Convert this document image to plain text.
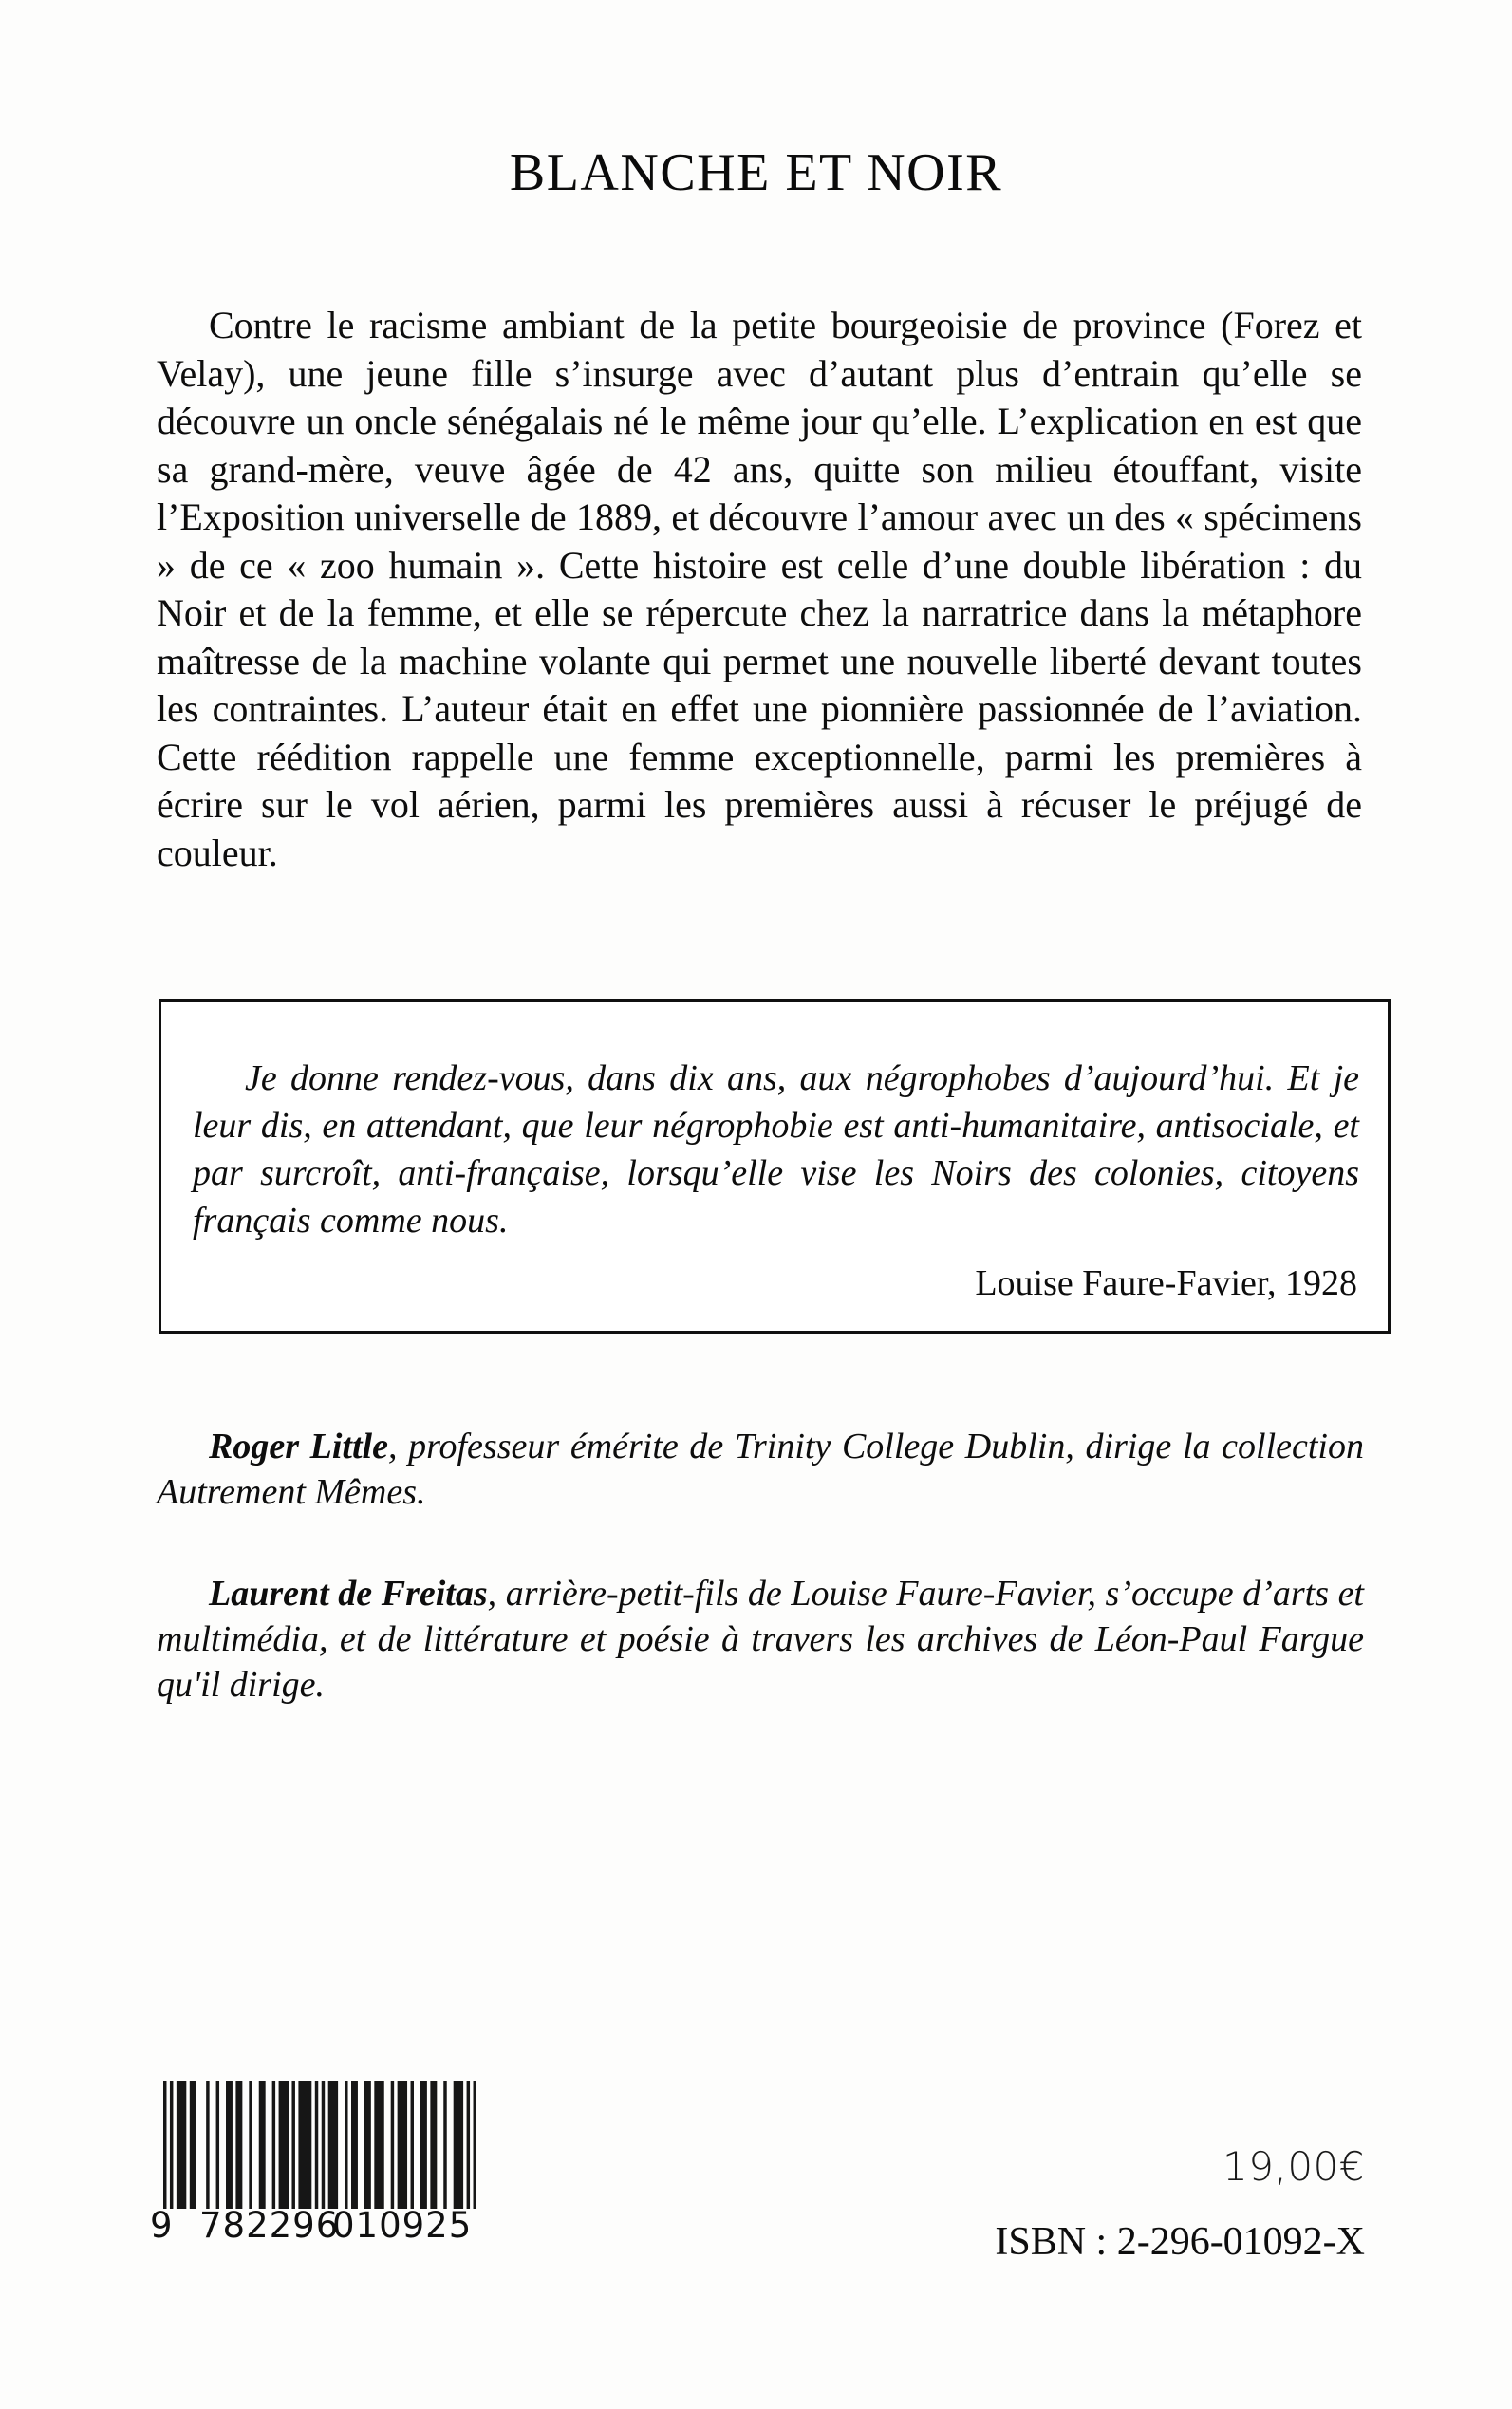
BLANCHE ET NOIR
Contre le racisme ambiant de la petite bourgeoisie de province (Forez et Velay), une jeune fille s’insurge avec d’autant plus d’entrain qu’elle se découvre un oncle sénégalais né le même jour qu’elle. L’explication en est que sa grand-mère, veuve âgée de 42 ans, quitte son milieu étouffant, visite l’Exposition universelle de 1889, et découvre l’amour avec un des « spécimens » de ce « zoo humain ». Cette histoire est celle d’une double libération : du Noir et de la femme, et elle se répercute chez la narratrice dans la métaphore maîtresse de la machine volante qui permet une nouvelle liberté devant toutes les contraintes. L’auteur était en effet une pionnière passionnée de l’aviation. Cette réédition rappelle une femme exceptionnelle, parmi les premières à écrire sur le vol aérien, parmi les premières aussi à récuser le préjugé de couleur.
Je donne rendez-vous, dans dix ans, aux négrophobes d’aujourd’hui. Et je leur dis, en attendant, que leur négrophobie est anti-humanitaire, antisociale, et par surcroît, anti-française, lorsqu’elle vise les Noirs des colonies, citoyens français comme nous.
Louise Faure-Favier, 1928
Roger Little, professeur émérite de Trinity College Dublin, dirige la collection Autrement Mêmes.
Laurent de Freitas, arrière-petit-fils de Louise Faure-Favier, s’occupe d’arts et multimédia, et de littérature et poésie à travers les archives de Léon-Paul Fargue qu'il dirige.
9 782296
010925
19,00€
ISBN : 2-296-01092-X
